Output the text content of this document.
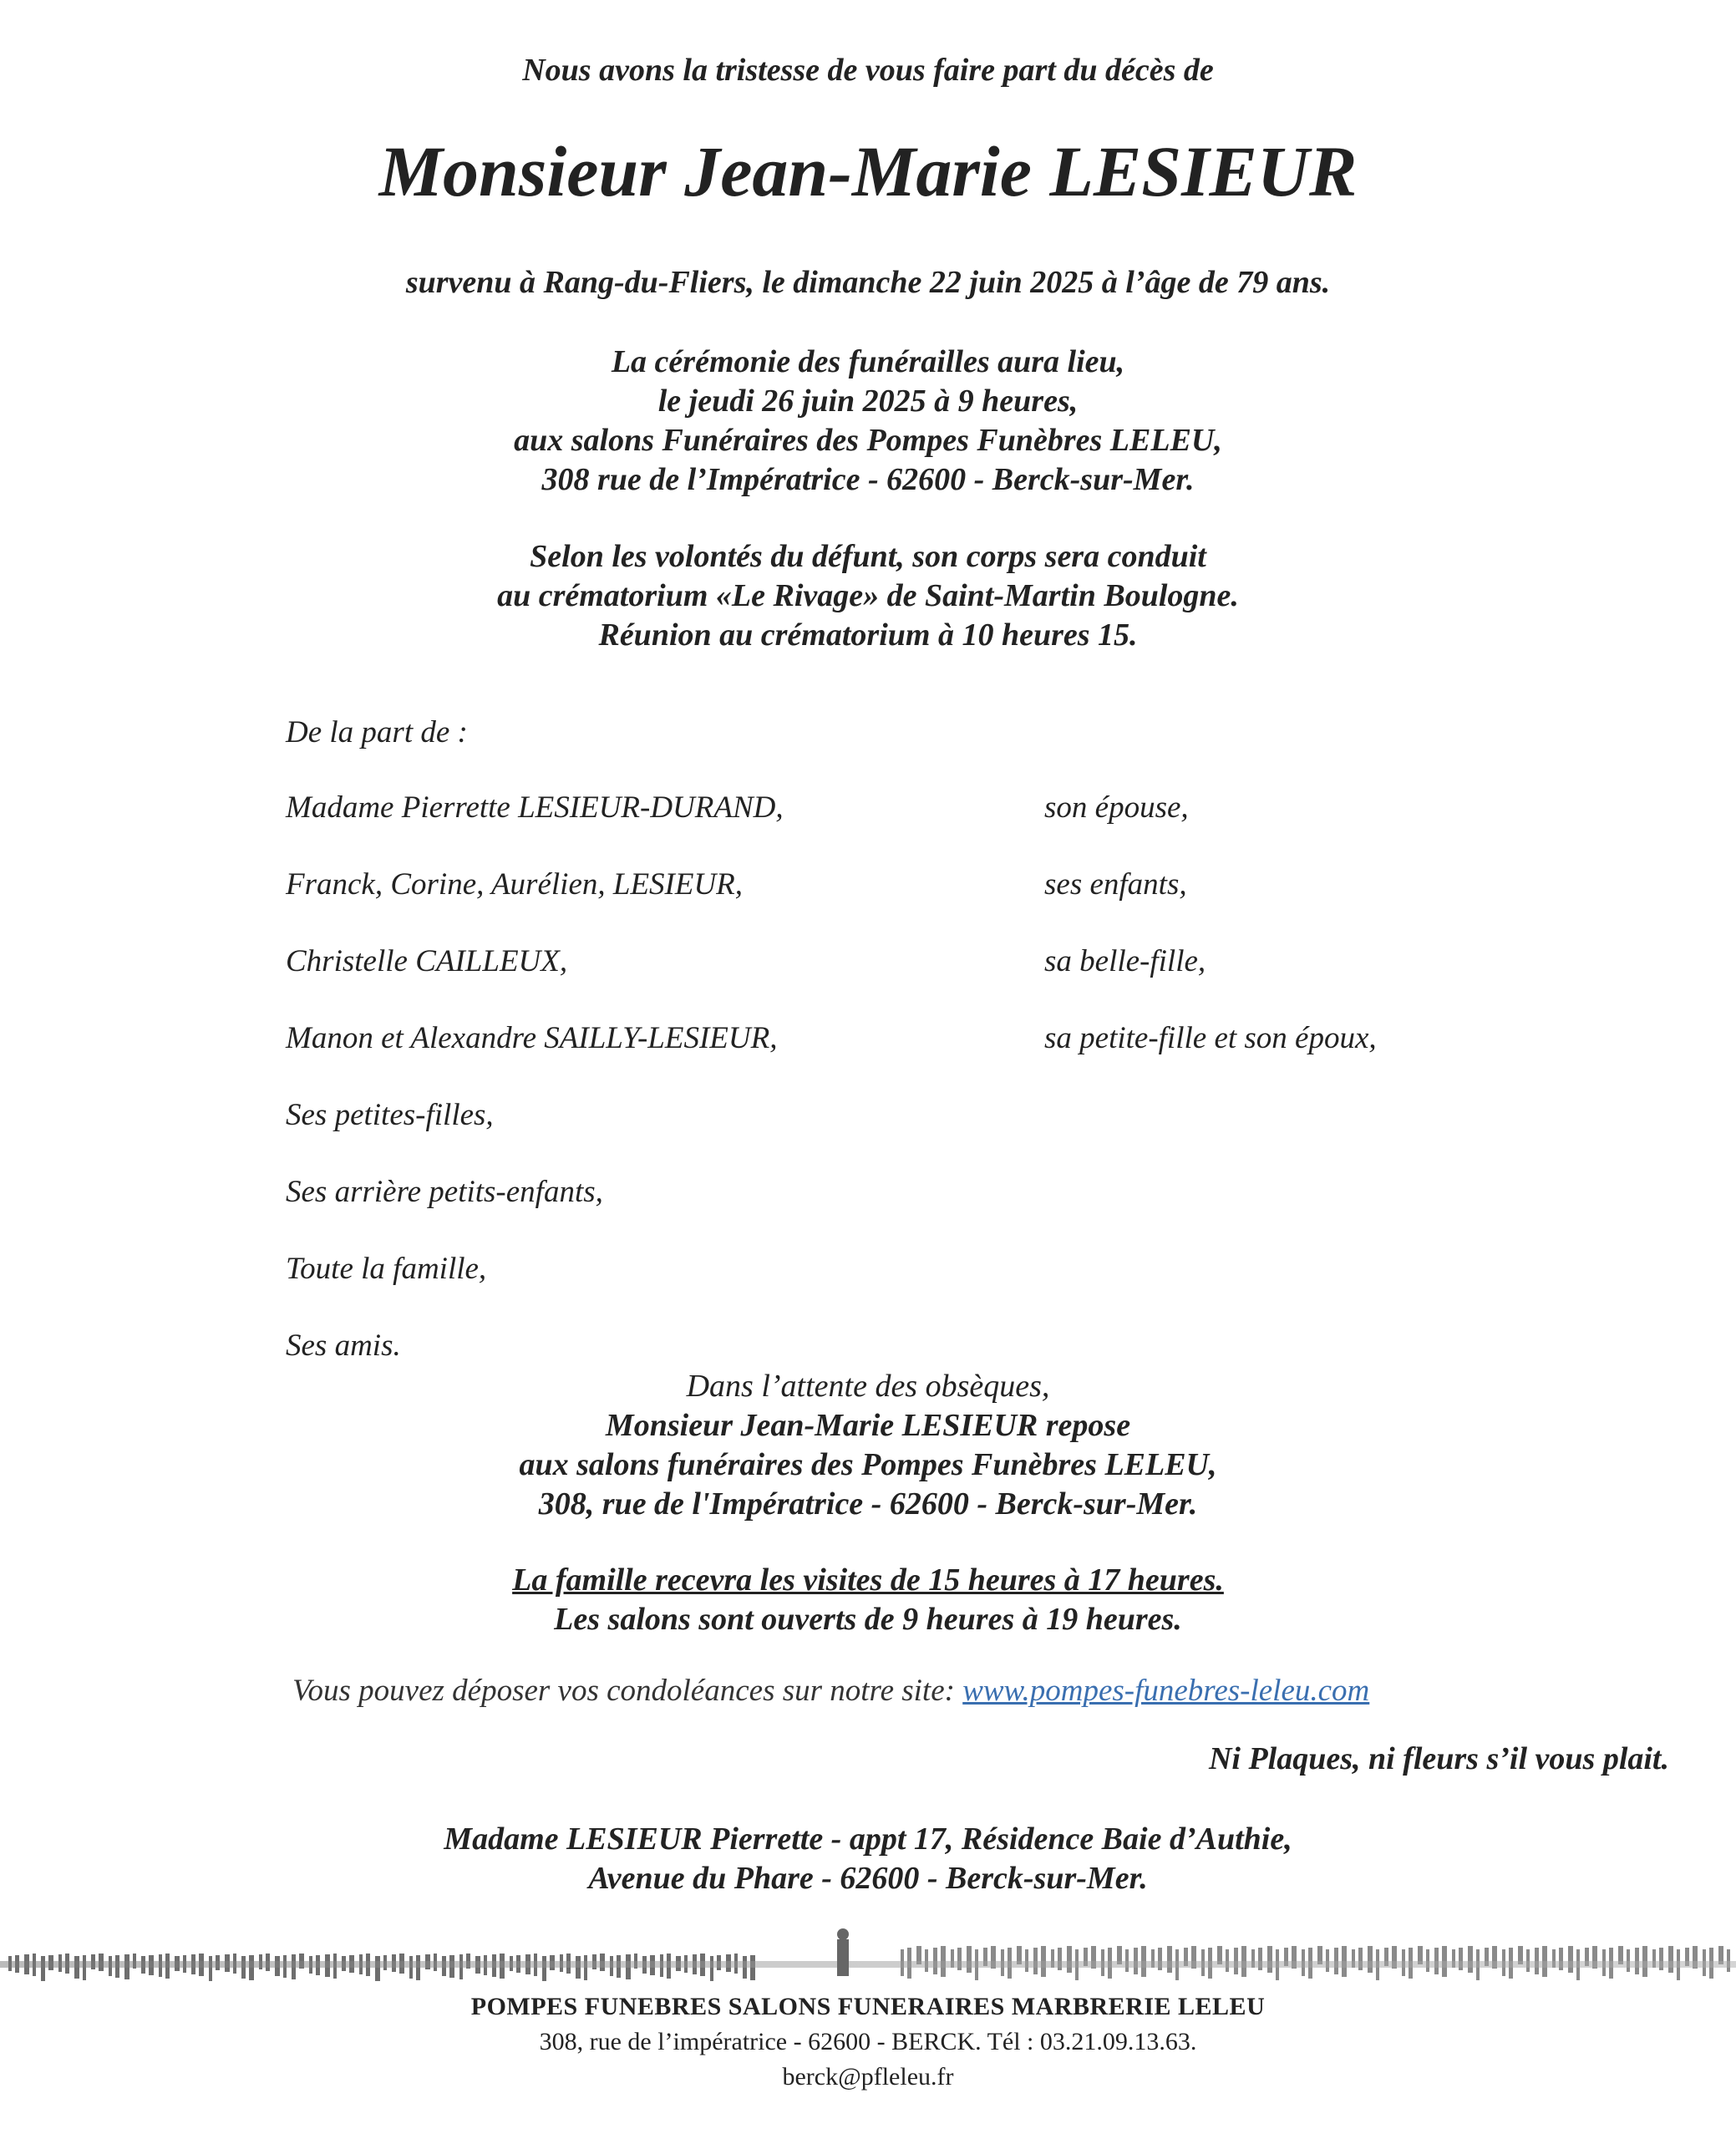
Nous avons la tristesse de vous faire part du décès de
Monsieur Jean-Marie LESIEUR
survenu à Rang-du-Fliers, le dimanche 22 juin 2025 à l’âge de 79 ans.
La cérémonie des funérailles aura lieu,
le jeudi 26 juin 2025 à 9 heures,
aux salons Funéraires des Pompes Funèbres LELEU,
308 rue de l’Impératrice - 62600 - Berck-sur-Mer.
Selon les volontés du défunt, son corps sera conduit
au crématorium «Le Rivage» de Saint-Martin Boulogne.
Réunion au crématorium à 10 heures 15.
De la part de :
Madame Pierrette LESIEUR-DURAND,	son épouse,
Franck, Corine, Aurélien, LESIEUR,	ses enfants,
Christelle CAILLEUX,	sa belle-fille,
Manon et Alexandre SAILLY-LESIEUR,	sa petite-fille et son époux,
Ses petites-filles,
Ses arrière petits-enfants,
Toute la famille,
Ses amis.
Dans l’attente des obsèques,
Monsieur Jean-Marie LESIEUR repose
aux salons funéraires des Pompes Funèbres LELEU,
308, rue de l'Impératrice - 62600 - Berck-sur-Mer.
La famille recevra les visites de 15 heures à 17 heures.
Les salons sont ouverts de 9 heures à 19 heures.
Vous pouvez déposer vos condoléances sur notre site: www.pompes-funebres-leleu.com
Ni Plaques, ni fleurs s’il vous plait.
Madame LESIEUR Pierrette - appt 17, Résidence Baie d’Authie,
Avenue du Phare - 62600 - Berck-sur-Mer.
POMPES FUNEBRES SALONS FUNERAIRES MARBRERIE LELEU
308, rue de l’impératrice - 62600 - BERCK. Tél : 03.21.09.13.63.
berck@pfleleu.fr
